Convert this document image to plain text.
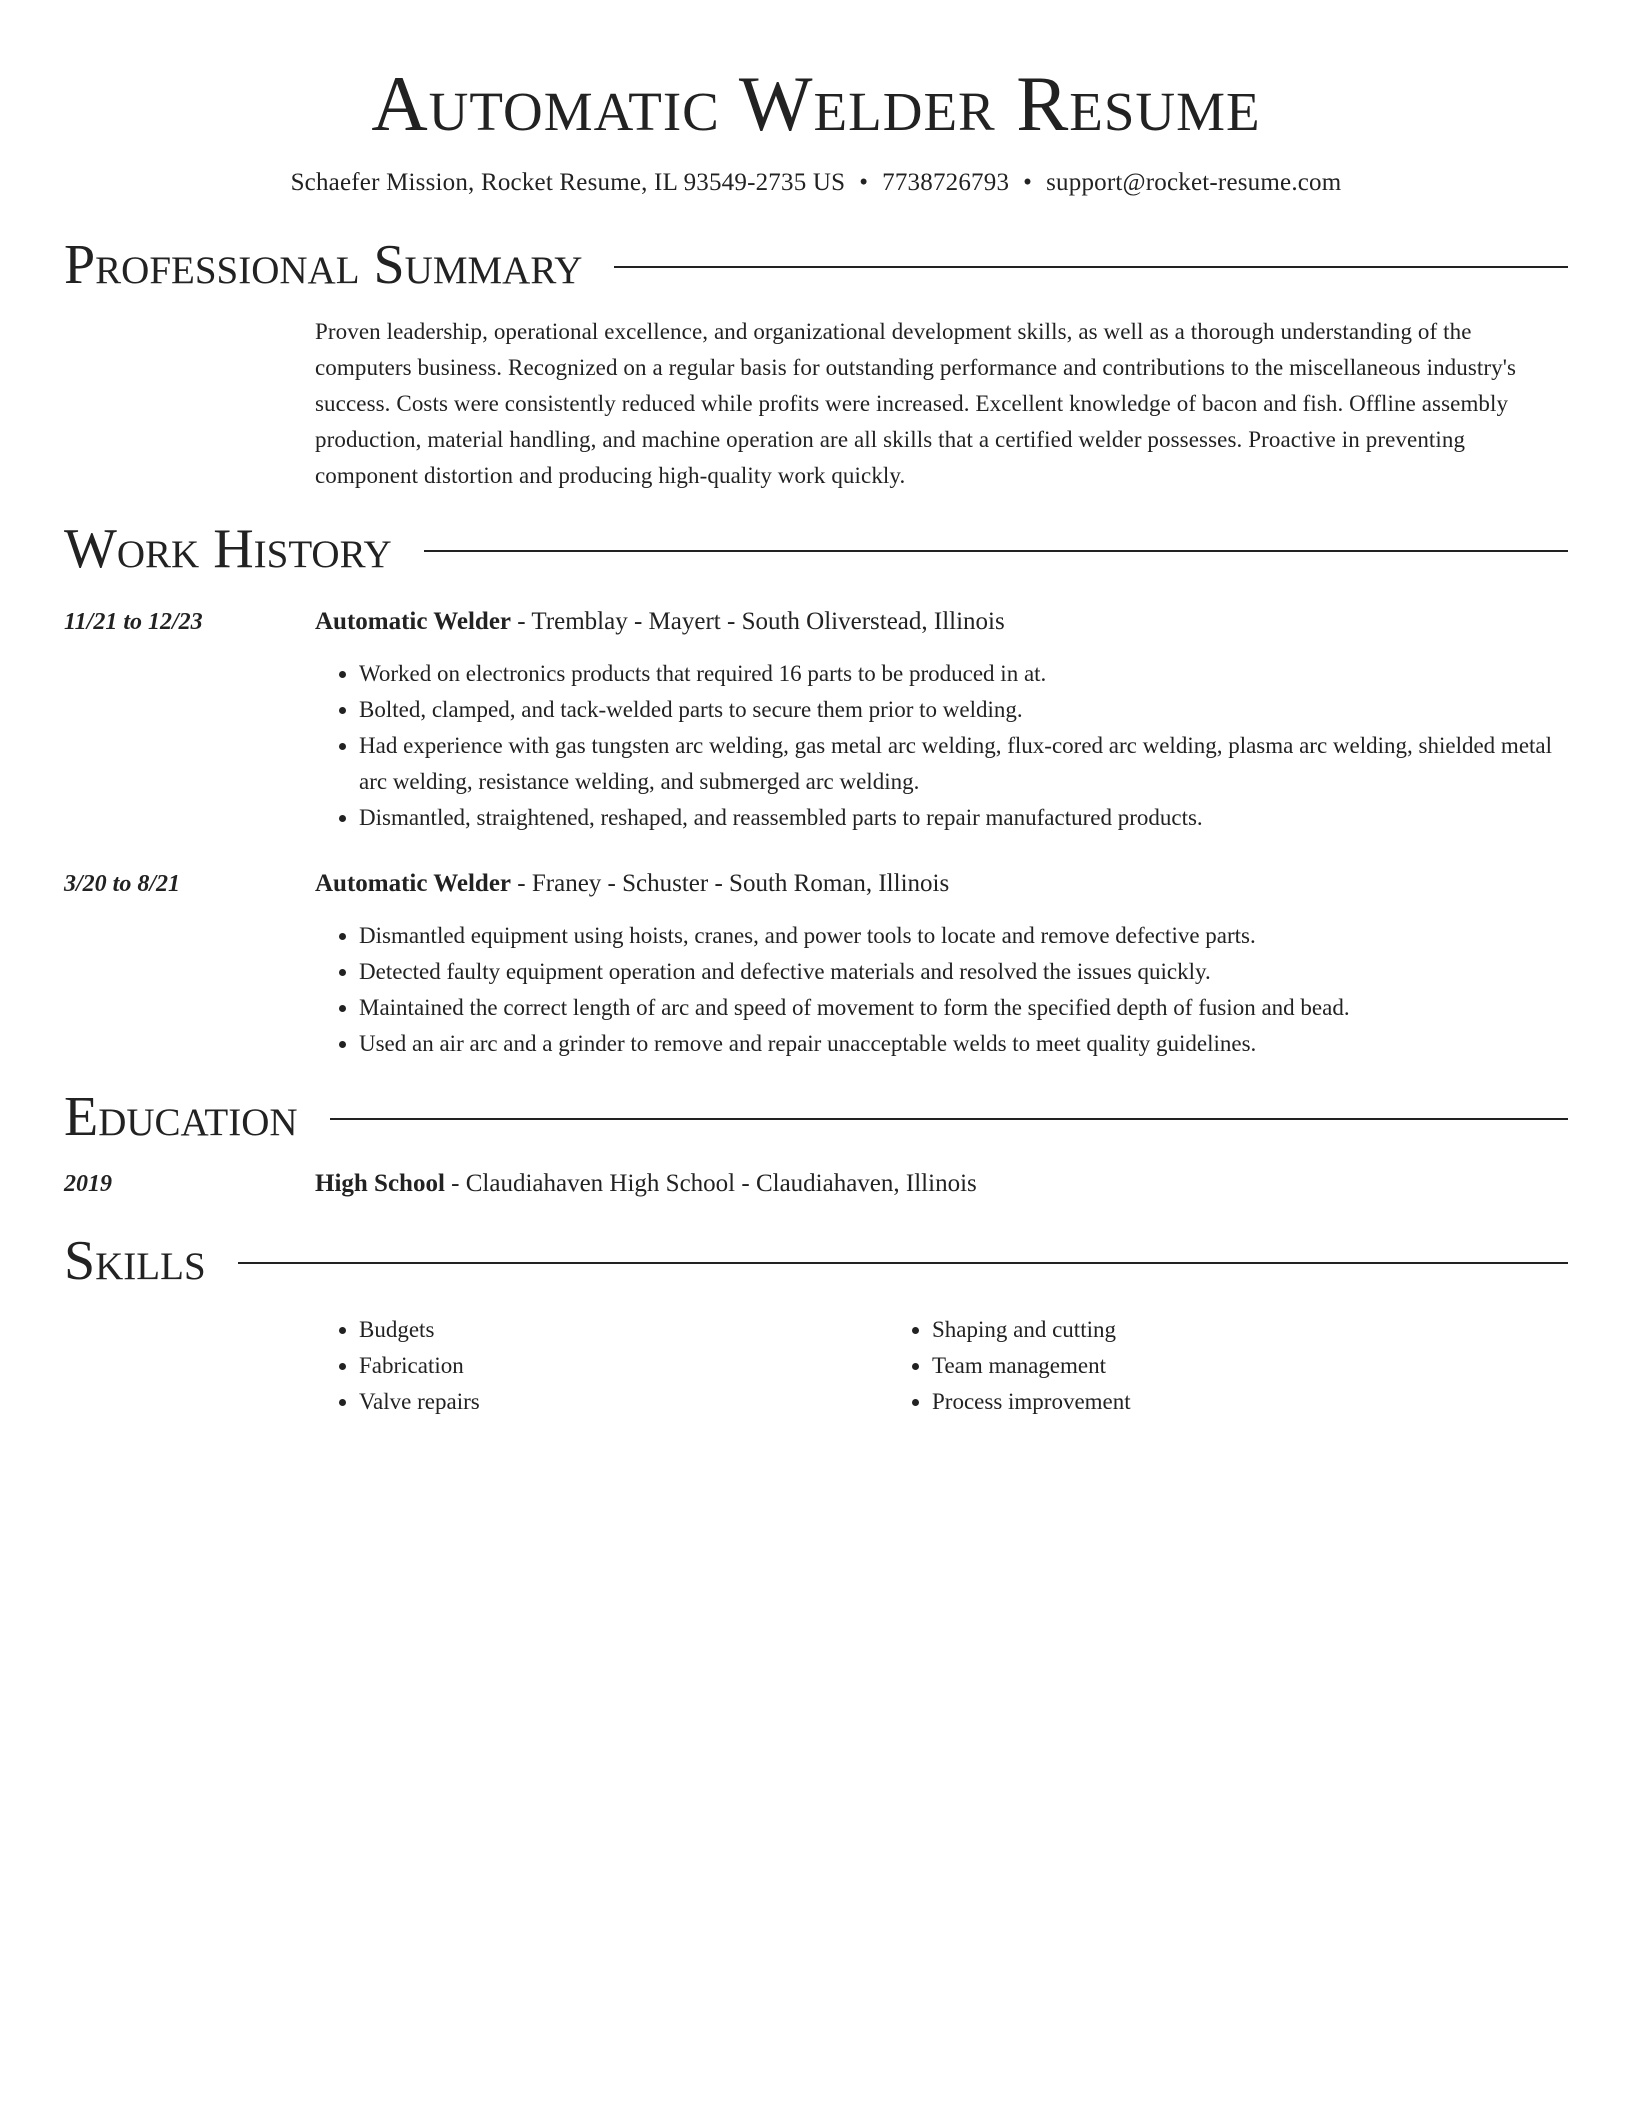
Automatic Welder Resume
Schaefer Mission, Rocket Resume, IL 93549-2735 US • 7738726793 • support@rocket-resume.com
Professional Summary
Proven leadership, operational excellence, and organizational development skills, as well as a thorough understanding of the computers business. Recognized on a regular basis for outstanding performance and contributions to the miscellaneous industry's success. Costs were consistently reduced while profits were increased. Excellent knowledge of bacon and fish. Offline assembly production, material handling, and machine operation are all skills that a certified welder possesses. Proactive in preventing component distortion and producing high-quality work quickly.
Work History
11/21 to 12/23	Automatic Welder - Tremblay - Mayert - South Oliverstead, Illinois
• Worked on electronics products that required 16 parts to be produced in at.
• Bolted, clamped, and tack-welded parts to secure them prior to welding.
• Had experience with gas tungsten arc welding, gas metal arc welding, flux-cored arc welding, plasma arc welding, shielded metal arc welding, resistance welding, and submerged arc welding.
• Dismantled, straightened, reshaped, and reassembled parts to repair manufactured products.
3/20 to 8/21	Automatic Welder - Franey - Schuster - South Roman, Illinois
• Dismantled equipment using hoists, cranes, and power tools to locate and remove defective parts.
• Detected faulty equipment operation and defective materials and resolved the issues quickly.
• Maintained the correct length of arc and speed of movement to form the specified depth of fusion and bead.
• Used an air arc and a grinder to remove and repair unacceptable welds to meet quality guidelines.
Education
2019	High School - Claudiahaven High School - Claudiahaven, Illinois
Skills
• Budgets
• Fabrication
• Valve repairs
• Shaping and cutting
• Team management
• Process improvement
